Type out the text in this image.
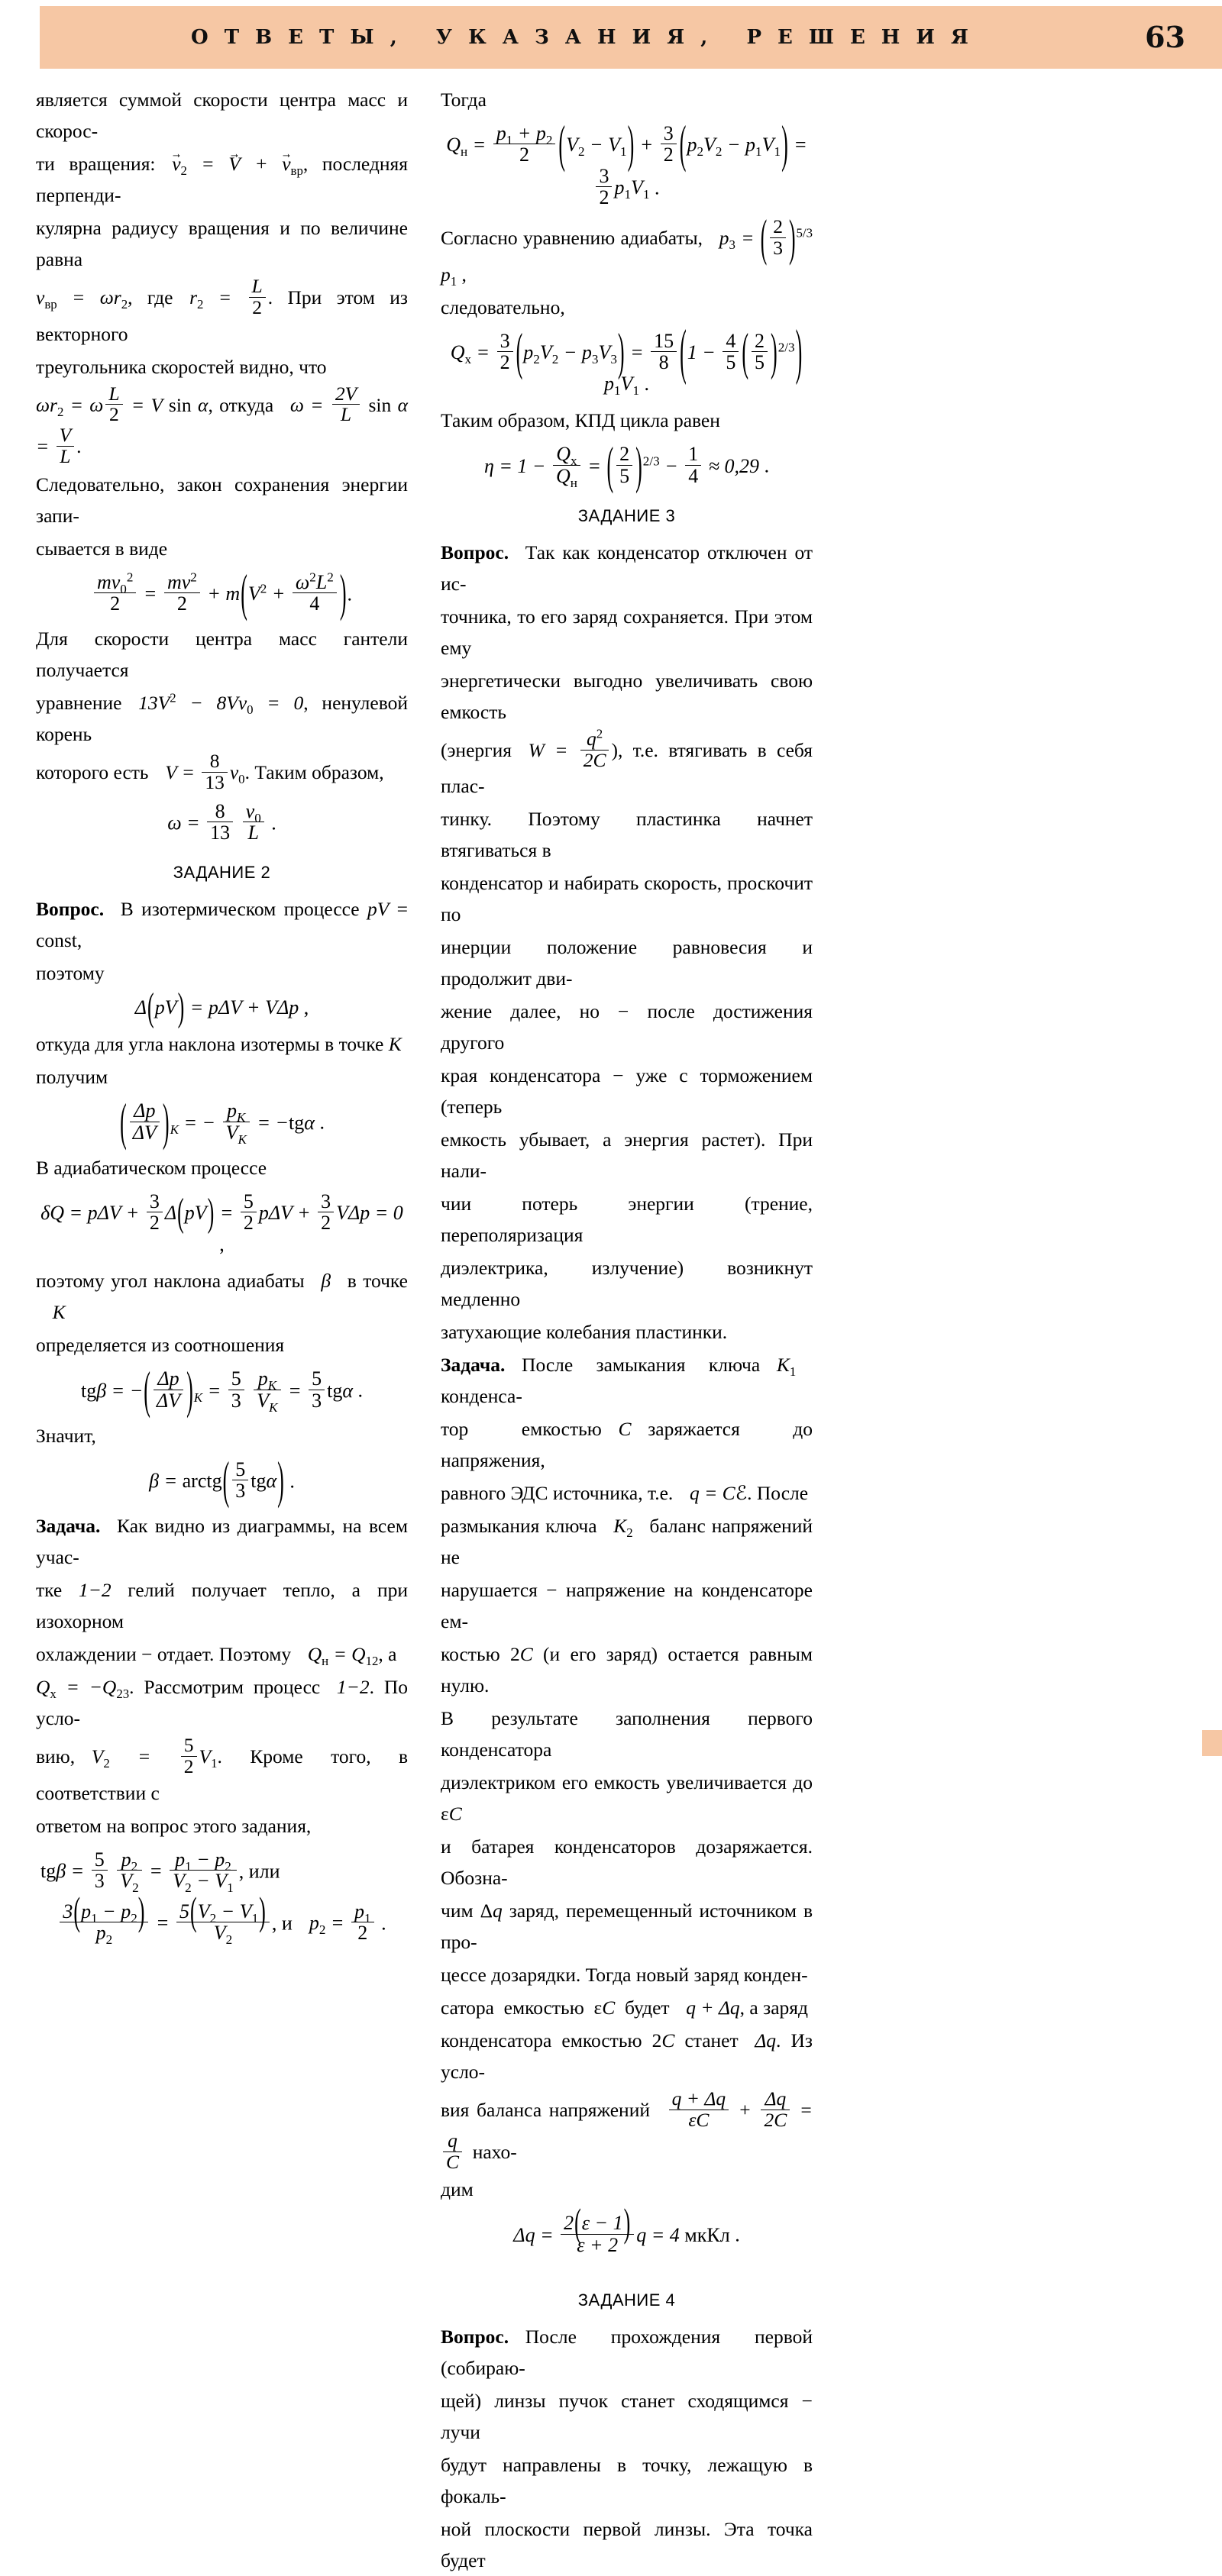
О Т В Е Т Ы ,   У К А З А Н И Я ,   Р Е Ш Е Н И Я	63

является суммой скорости центра масс и скорос-

ти вращения: $v \to_2 = V$ → + $v \to_{вр}$, последняя перпенди-

кулярна радиусу вращения и по величине равна

$v_{вр} = \omega r_2$, где $r_2 = \frac{L}{2}$ . При этом из векторного

треугольника скоростей видно, что

$\omega r_2 = \omega \frac{L}{2} = V$ sin α, откуда $\omega = \frac{2V}{L}$ $\sin \alpha = \frac{V}{L}$ .

Следовательно, закон сохранения энергии запи-

сывается в виде

$\frac{mv_0^2}{2} = \frac{mv^2}{2} + m(V^2 + \frac{\omega^2L^2}{4}$ ).

Для скорости центра масс гантели получается

уравнение $13V^2 - 8Vv_0 = 0$, ненулевой корень

которого есть $V = \frac{8}{13} v_0$. Таким образом,

$\omega = \frac{8}{13}$
$\frac{v_0}{L}$ .
ЗАДАНИЕ 2

Вопрос. В изотермическом процессе pV = const,

поэтому

Δ(pV) = pΔV + VΔp ,

откуда для угла наклона изотермы в точке K

получим

( $\frac{\Delta p}{\Delta V} )_K$ = − $\frac{p_K}{V_K} = -tg\alpha$ .

В адиабатическом процессе

$\delta Q = p\Delta V + \frac{3}{2} \Delta(pV) = \frac{5}{2}$ $p\Delta V + \frac{3}{2}$ VΔp = 0 ,

поэтому угол наклона адиабаты β в точкеK

определяется из соотношения

tgβ = −( $\frac{\Delta p}{\Delta V} )_K = \frac{5}{3}$
$\frac{p_K}{V_K} = \frac{5}{3}$ tgα .

Значит,

β = arctg( $\frac{5}{3} tg\alpha$) .

Задача. Как видно из диаграммы, на всем учас-

тке 1−2 гелий получает тепло, а при изохорном

охлаждении − отдает. Поэтому $Q_н = Q_{12}$, а

$Q_х = -Q_{23}$. Рассмотрим процесс 1−2. По усло-

вию, $V_2 = \frac{5}{2} V_1$. Кроме того, в соответствии с

ответом на вопрос этого задания,

$tg\beta = \frac{5}{3}$
$\frac{p_2}{V_2} = \frac{p_1 - p_2}{V_2 - V_1}$ , или
$\frac{3(p_1 - p_2)}{p_2} = \frac{5(V_2 - V_1)}{V_2}$ , и $p_2 = \frac{p_1}{2}$ .

Тогда

$Q_н = \frac{p_1 + p_2}{2} (V_2 - V_1) + \frac{3}{2} (p_2V_2 - p_1V_1)$ =
$\frac{3}{2} p_1V_1$ .

Согласно уравнению адиабаты, $p_3$ = ( $\frac{2}{3} )^{5/3}$ $p_1$ ,

следовательно,

$Q_х = \frac{3}{2} (p_2V_2 - p_3V_3) = \frac{15}{8} (1 - \frac{4}{5}$ ( $\frac{2}{5} )^{2/3})p_1V_1$ .

Таким образом, КПД цикла равен

$\eta = 1 - \frac{Q_х}{Q_н}$ = ( $\frac{2}{5} )^{2/3} - \frac{1}{4} \approx 0,29$ .
ЗАДАНИЕ 3

Вопрос. Так как конденсатор отключен от ис-

точника, то его заряд сохраняется. При этом ему

энергетически выгодно увеличивать свою емкость

(энергия $W = \frac{q^2}{2C}$ ), т.е. втягивать в себя плас-

тинку. Поэтому пластинка начнет втягиваться в

конденсатор и набирать скорость, проскочит по

инерции положение равновесия и продолжит дви-

жение далее, но − после достижения другого

края конденсатора − уже с торможением (теперь

емкость убывает, а энергия растет). При нали-

чии потерь энергии (трение, переполяризация

диэлектрика, излучение) возникнут медленно

затухающие колебания пластинки.

Задача. После замыкания ключа $K_1конденса-$

тор емкостью C заряжается до напряжения,

равного ЭДС источника, т.е. q = Cℰ. После

размыкания ключа $K_2$ баланс напряжений не

нарушается − напряжение на конденсаторе ем-

костью 2C (и его заряд) остается равным нулю.

В результате заполнения первого конденсатора

диэлектриком его емкость увеличивается до εC

и батарея конденсаторов дозаряжается. Обозна-

чим Δq заряд, перемещенный источником в про-

цессе дозарядки. Тогда новый заряд конден-

сатора  емкостью  εC  будет q + Δq, а заряд

конденсатора емкостью 2C станет Δq. Из усло-

вия баланса напряжений $\frac{q + \Delta q}{\varepsilon C} + \frac{\Delta q}{2C}$ =
$\frac{q}{C}$ нахо-

дим

$\Delta q = \frac{2(\varepsilon - 1)}{\varepsilon + 2}$ q = 4 мкКл .
ЗАДАНИЕ 4

Вопрос. После прохождения первой (собираю-

щей) линзы пучок станет сходящимся − лучи

будут направлены в точку, лежащую в фокаль-

ной плоскости первой линзы. Эта точка будет
